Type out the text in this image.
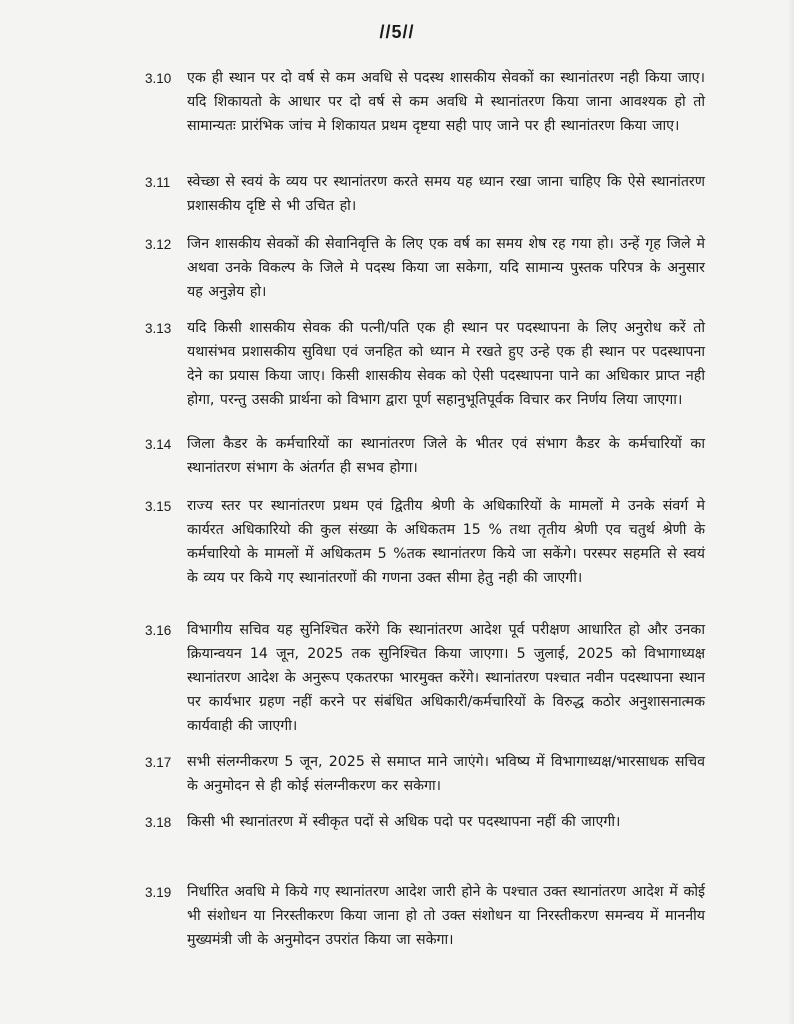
//5//
3.10	एक ही स्थान पर दो वर्ष से कम अवधि से पदस्थ शासकीय सेवकों का स्थानांतरण नही किया जाए। यदि शिकायतो के आधार पर दो वर्ष से कम अवधि मे स्थानांतरण किया जाना आवश्यक हो तो सामान्यतः प्रारंभिक जांच मे शिकायत प्रथम दृष्टया सही पाए जाने पर ही स्थानांतरण किया जाए।
3.11	स्वेच्छा से स्वयं के व्यय पर स्थानांतरण करते समय यह ध्यान रखा जाना चाहिए कि ऐसे स्थानांतरण प्रशासकीय दृष्टि से भी उचित हो।
3.12	जिन शासकीय सेवकों की सेवानिवृत्ति के लिए एक वर्ष का समय शेष रह गया हो। उन्हें गृह जिले मे अथवा उनके विकल्प के जिले मे पदस्थ किया जा सकेगा, यदि सामान्य पुस्तक परिपत्र के अनुसार यह अनुज्ञेय हो।
3.13	यदि किसी शासकीय सेवक की पत्नी/पति एक ही स्थान पर पदस्थापना के लिए अनुरोध करें तो यथासंभव प्रशासकीय सुविधा एवं जनहित को ध्यान मे रखते हुए उन्हे एक ही स्थान पर पदस्थापना देने का प्रयास किया जाए। किसी शासकीय सेवक को ऐसी पदस्थापना पाने का अधिकार प्राप्त नही होगा, परन्तु उसकी प्रार्थना को विभाग द्वारा पूर्ण सहानुभूतिपूर्वक विचार कर निर्णय लिया जाएगा।
3.14	जिला कैडर के कर्मचारियों का स्थानांतरण जिले के भीतर एवं संभाग कैडर के कर्मचारियों का स्थानांतरण संभाग के अंतर्गत ही सभव होगा।
3.15	राज्य स्तर पर स्थानांतरण प्रथम एवं द्वितीय श्रेणी के अधिकारियों के मामलों मे उनके संवर्ग मे कार्यरत अधिकारियो की कुल संख्या के अधिकतम 15 % तथा तृतीय श्रेणी एव चतुर्थ श्रेणी के कर्मचारियो के मामलों में अधिकतम 5 %तक स्थानांतरण किये जा सकेंगे। परस्पर सहमति से स्वयं के व्यय पर किये गए स्थानांतरणों की गणना उक्त सीमा हेतु नही की जाएगी।
3.16	विभागीय सचिव यह सुनिश्चित करेंगे कि स्थानांतरण आदेश पूर्व परीक्षण आधारित हो और उनका क्रियान्वयन 14 जून, 2025 तक सुनिश्चित किया जाएगा। 5 जुलाई, 2025 को विभागाध्यक्ष स्थानांतरण आदेश के अनुरूप एकतरफा भारमुक्त करेंगे। स्थानांतरण पश्चात नवीन पदस्थापना स्थान पर कार्यभार ग्रहण नहीं करने पर संबंधित अधिकारी/कर्मचारियों के विरुद्ध कठोर अनुशासनात्मक कार्यवाही की जाएगी।
3.17	सभी संलग्नीकरण 5 जून, 2025 से समाप्त माने जाएंगे। भविष्य में विभागाध्यक्ष/भारसाधक सचिव के अनुमोदन से ही कोई संलग्नीकरण कर सकेगा।
3.18	किसी भी स्थानांतरण में स्वीकृत पदों से अधिक पदो पर पदस्थापना नहीं की जाएगी।
3.19	निर्धारित अवधि मे किये गए स्थानांतरण आदेश जारी होने के पश्चात उक्त स्थानांतरण आदेश में कोई भी संशोधन या निरस्तीकरण किया जाना हो तो उक्त संशोधन या निरस्तीकरण समन्वय में माननीय मुख्यमंत्री जी के अनुमोदन उपरांत किया जा सकेगा।
